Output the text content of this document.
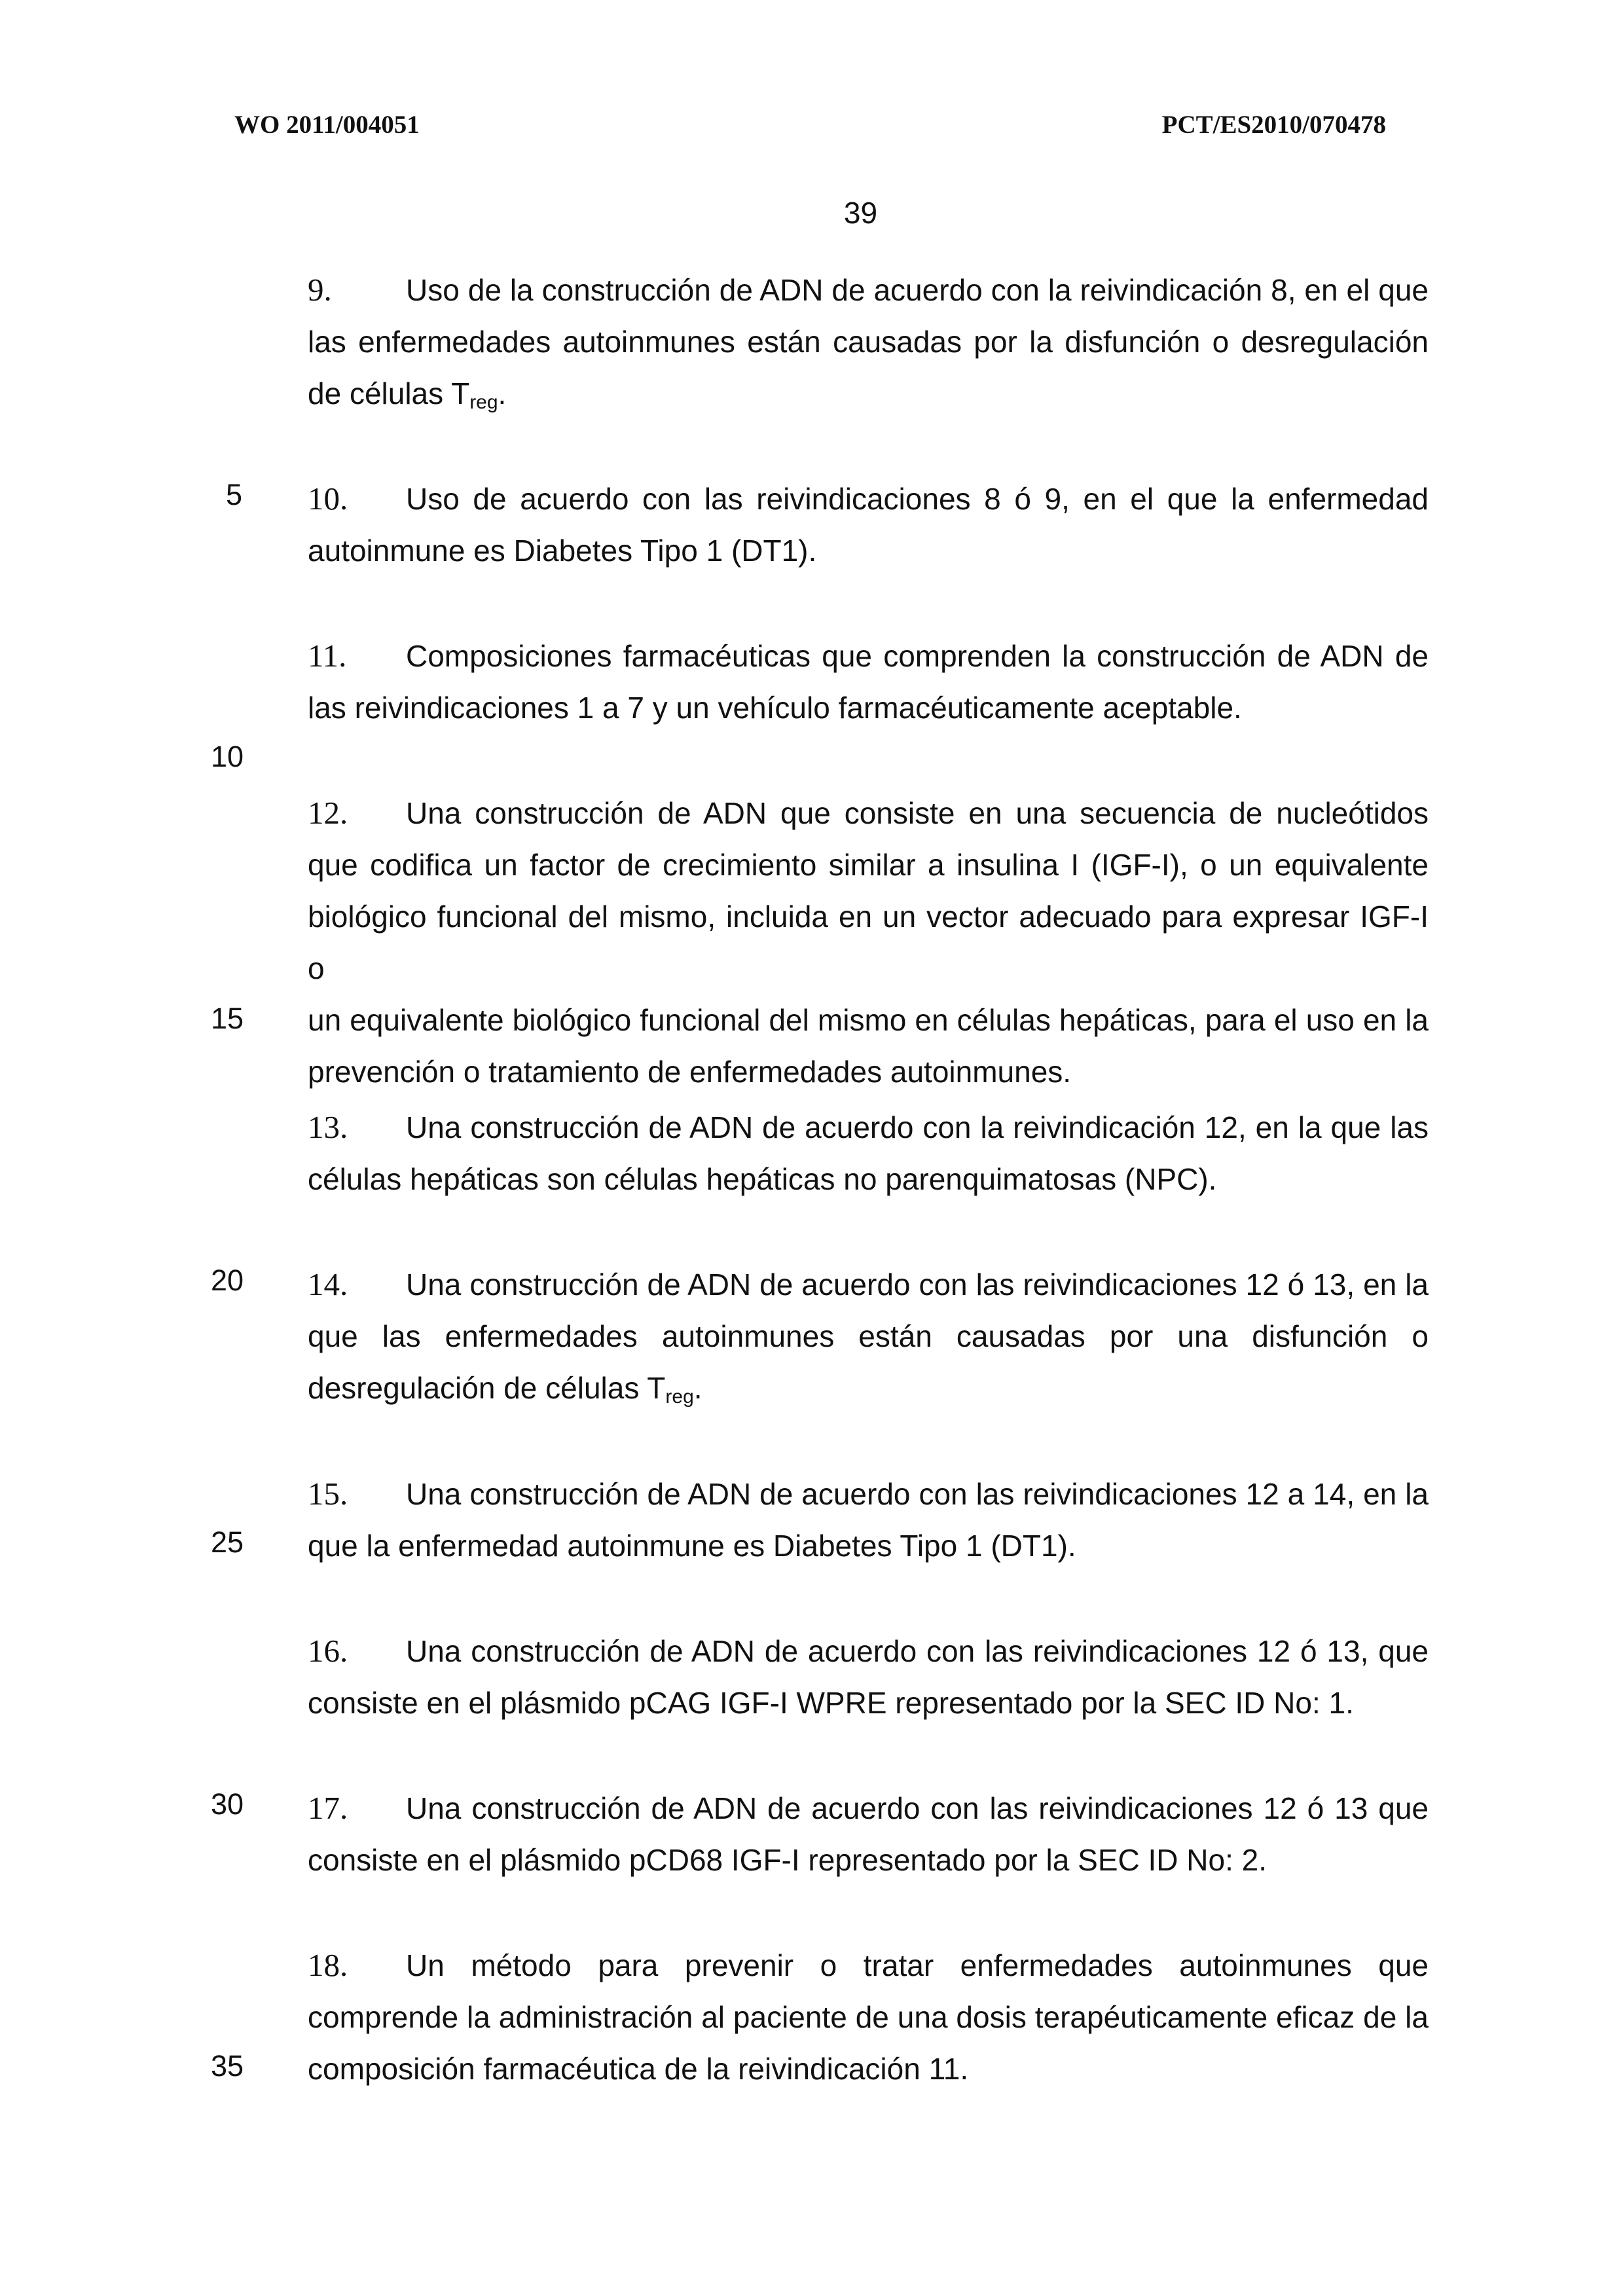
WO 2011/004051	PCT/ES2010/070478
39
5
10
15
20
25
30
35
9. Uso de la construcción de ADN de acuerdo con la reivindicación 8, en el que
las enfermedades autoinmunes están causadas por la disfunción o desregulación
de células $T_{reg}$.
10. Uso de acuerdo con las reivindicaciones 8 ó 9, en el que la enfermedad
autoinmune es Diabetes Tipo 1 (DT1).
11. Composiciones farmacéuticas que comprenden la construcción de ADN de
las reivindicaciones 1 a 7 y un vehículo farmacéuticamente aceptable.
12. Una construcción de ADN que consiste en una secuencia de nucleótidos
que codifica un factor de crecimiento similar a insulina I (IGF-I), o un equivalente
biológico funcional del mismo, incluida en un vector adecuado para expresar IGF-I o
un equivalente biológico funcional del mismo en células hepáticas, para el uso en la
prevención o tratamiento de enfermedades autoinmunes.
13. Una construcción de ADN de acuerdo con la reivindicación 12, en la que las
células hepáticas son células hepáticas no parenquimatosas (NPC).
14. Una construcción de ADN de acuerdo con las reivindicaciones 12 ó 13, en la
que las enfermedades autoinmunes están causadas por una disfunción o
desregulación de células $T_{reg}$.
15. Una construcción de ADN de acuerdo con las reivindicaciones 12 a 14, en la
que la enfermedad autoinmune es Diabetes Tipo 1 (DT1).
16. Una construcción de ADN de acuerdo con las reivindicaciones 12 ó 13, que
consiste en el plásmido pCAG IGF-I WPRE representado por la SEC ID No: 1.
17. Una construcción de ADN de acuerdo con las reivindicaciones 12 ó 13 que
consiste en el plásmido pCD68 IGF-I representado por la SEC ID No: 2.
18. Un método para prevenir o tratar enfermedades autoinmunes que
comprende la administración al paciente de una dosis terapéuticamente eficaz de la
composición farmacéutica de la reivindicación 11.
